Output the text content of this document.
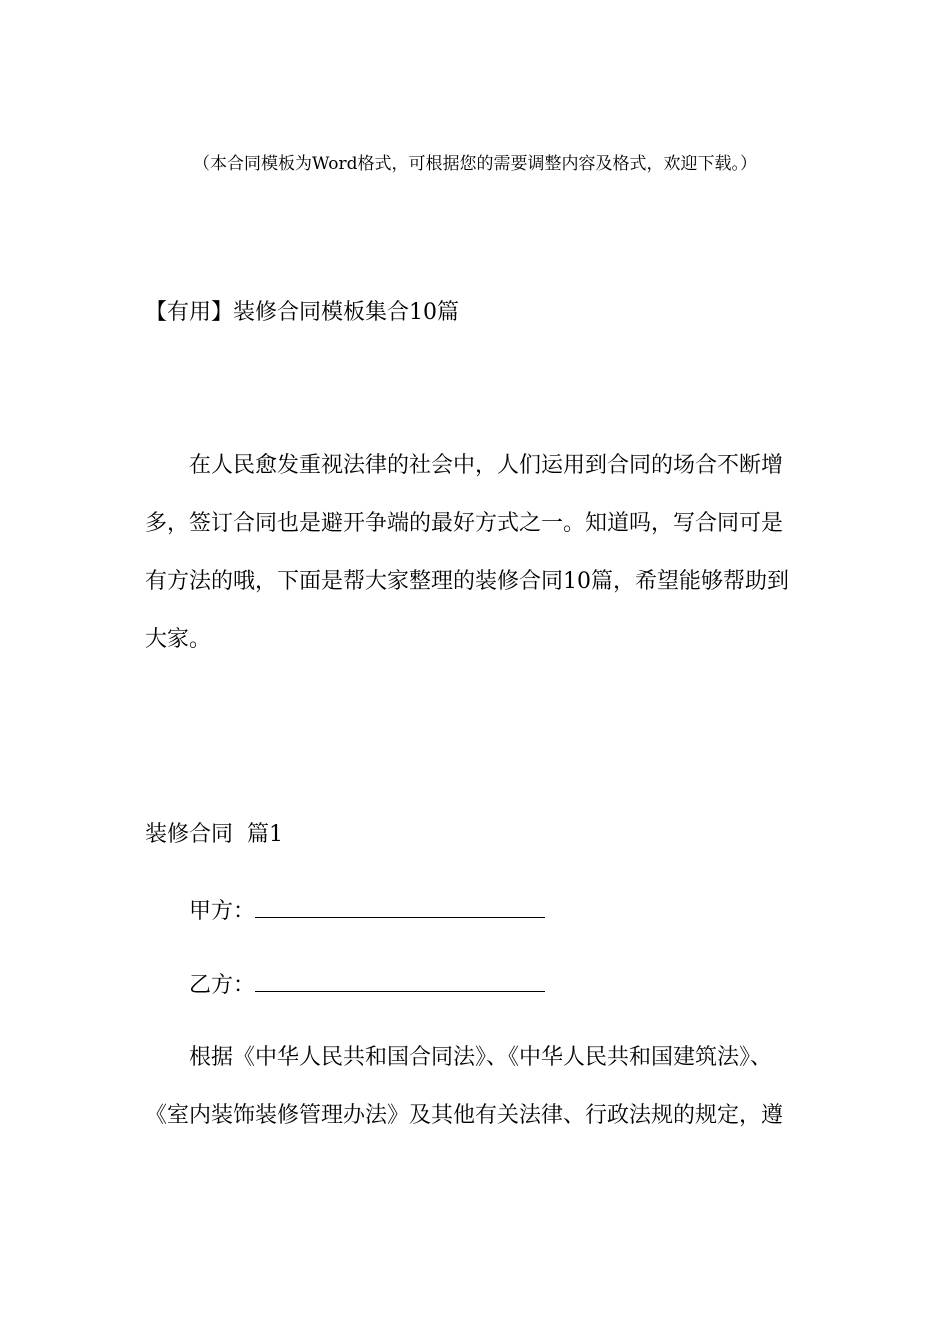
（本合同模板为Word格式，可根据您的需要调整内容及格式，欢迎下载。）
【有用】装修合同模板集合10篇
在人民愈发重视法律的社会中，人们运用到合同的场合不断增
多，签订合同也是避开争端的最好方式之一。知道吗，写合同可是
有方法的哦，下面是帮大家整理的装修合同10篇，希望能够帮助到
大家。
装修合同  篇1
甲方：
乙方：
根据《中华人民共和国合同法》、《中华人民共和国建筑法》、
《室内装饰装修管理办法》及其他有关法律、行政法规的规定，遵
